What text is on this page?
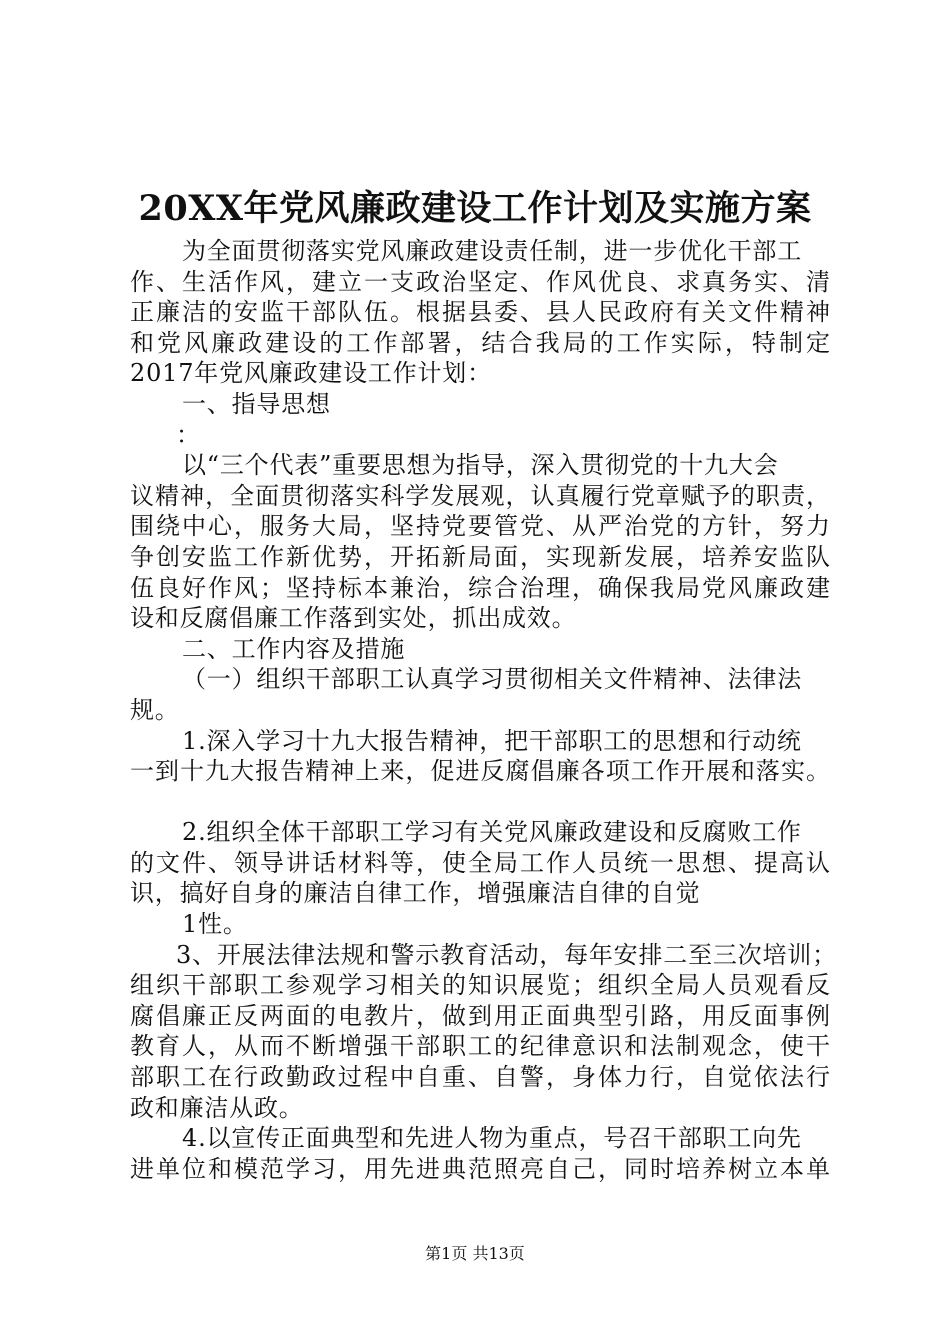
20XX年党风廉政建设工作计划及实施方案
为全面贯彻落实党风廉政建设责任制，进一步优化干部工
作、生活作风，建立一支政治坚定、作风优良、求真务实、清
正廉洁的安监干部队伍。根据县委、县人民政府有关文件精神
和党风廉政建设的工作部署，结合我局的工作实际，特制定
2017年党风廉政建设工作计划：
一、指导思想
：
以“三个代表”重要思想为指导，深入贯彻党的十九大会
议精神，全面贯彻落实科学发展观，认真履行党章赋予的职责，
围绕中心，服务大局，坚持党要管党、从严治党的方针，努力
争创安监工作新优势，开拓新局面，实现新发展，培养安监队
伍良好作风；坚持标本兼治，综合治理，确保我局党风廉政建
设和反腐倡廉工作落到实处，抓出成效。
二、工作内容及措施
（一）组织干部职工认真学习贯彻相关文件精神、法律法
规。
1.深入学习十九大报告精神，把干部职工的思想和行动统
一到十九大报告精神上来，促进反腐倡廉各项工作开展和落实。
2.组织全体干部职工学习有关党风廉政建设和反腐败工作
的文件、领导讲话材料等，使全局工作人员统一思想、提高认
识，搞好自身的廉洁自律工作，增强廉洁自律的自觉
1性。
3、开展法律法规和警示教育活动，每年安排二至三次培训；
组织干部职工参观学习相关的知识展览；组织全局人员观看反
腐倡廉正反两面的电教片，做到用正面典型引路，用反面事例
教育人，从而不断增强干部职工的纪律意识和法制观念，使干
部职工在行政勤政过程中自重、自警，身体力行，自觉依法行
政和廉洁从政。
4.以宣传正面典型和先进人物为重点，号召干部职工向先
进单位和模范学习，用先进典范照亮自己，同时培养树立本单
第1页 共13页
